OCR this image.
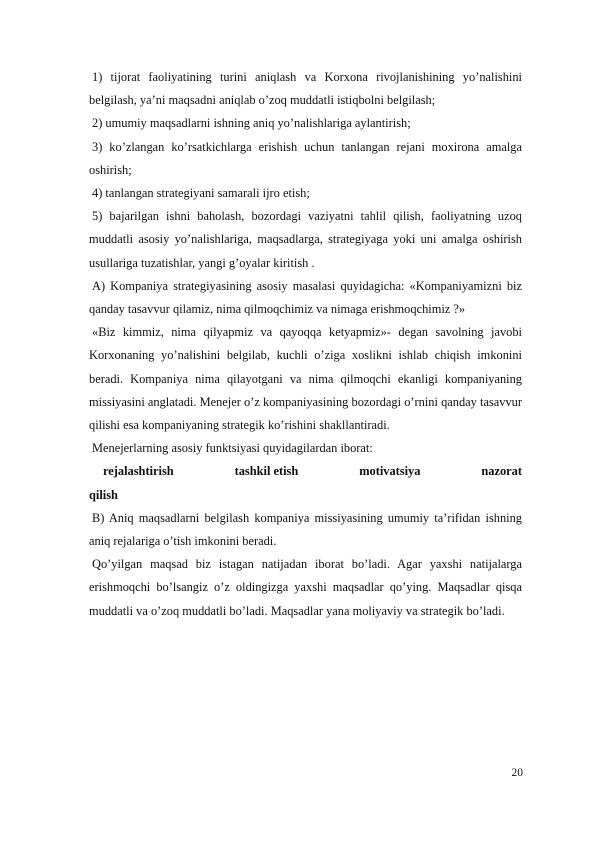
1) tijorat faoliyatining turini aniqlash va Korxona rivojlanishining yo’nalishini belgilash, ya’ni maqsadni aniqlab o’zoq muddatli istiqbolni belgilash;

2) umumiy maqsadlarni ishning aniq yo’nalishlariga aylantirish;

3) ko’zlangan ko’rsatkichlarga erishish uchun tanlangan rejani moxirona amalga oshirish;

4) tanlangan strategiyani samarali ijro etish;

5) bajarilgan ishni baholash, bozordagi vaziyatni tahlil qilish, faoliyatning uzoq muddatli asosiy yo’nalishlariga, maqsadlarga, strategiyaga yoki uni amalga oshirish usullariga tuzatishlar, yangi g’oyalar kiritish .

A) Kompaniya strategiyasining asosiy masalasi quyidagicha: «Kompaniyamizni biz qanday tasavvur qilamiz, nima qilmoqchimiz va nimaga erishmoqchimiz ?»

«Biz kimmiz, nima qilyapmiz va qayoqqa ketyapmiz»- degan savolning javobi Korxonaning yo’nalishini belgilab, kuchli o’ziga xoslikni ishlab chiqish imkonini beradi. Kompaniya nima qilayotgani va nima qilmoqchi ekanligi kompaniyaning missiyasini anglatadi. Menejer o’z kompaniyasining bozordagi o’rnini qanday tasavvur qilishi esa kompaniyaning strategik ko’rishini shakllantiradi.

Menejerlarning asosiy funktsiyasi quyidagilardan iborat:

rejalashtirish	tashkil etish	motivatsiya	nazorat

qilish

B) Aniq maqsadlarni belgilash kompaniya missiyasining umumiy ta’rifidan ishning aniq rejalariga o’tish imkonini beradi.

Qo’yilgan maqsad biz istagan natijadan iborat bo’ladi. Agar yaxshi natijalarga erishmoqchi bo’lsangiz o’z oldingizga yaxshi maqsadlar qo’ying. Maqsadlar qisqa muddatli va o’zoq muddatli bo’ladi. Maqsadlar yana moliyaviy va strategik bo’ladi.

20
